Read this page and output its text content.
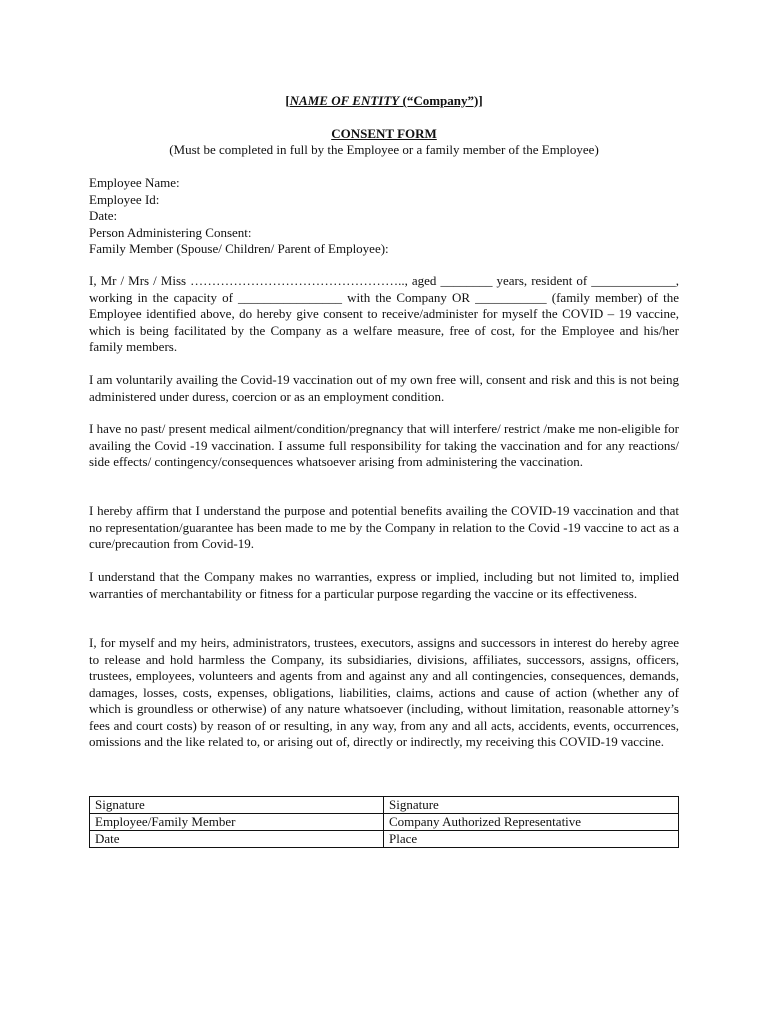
[NAME OF ENTITY (“Company”)]
CONSENT FORM
(Must be completed in full by the Employee or a family member of the Employee)
Employee Name:
Employee Id:
Date:
Person Administering Consent:
Family Member (Spouse/ Children/ Parent of Employee):

I, Mr / Mrs / Miss ………………………………………….., aged ________ years, resident of _____________, working in the capacity of ________________ with the Company OR ___________ (family member) of the Employee identified above, do hereby give consent to receive/administer for myself the COVID – 19 vaccine, which is being facilitated by the Company as a welfare measure, free of cost, for the Employee and his/her family members.

I am voluntarily availing the Covid-19 vaccination out of my own free will, consent and risk and this is not being administered under duress, coercion or as an employment condition.

I have no past/ present medical ailment/condition/pregnancy that will interfere/ restrict /make me non-eligible for availing the Covid -19 vaccination. I assume full responsibility for taking the vaccination and for any reactions/ side effects/ contingency/consequences whatsoever arising from administering the vaccination.

I hereby affirm that I understand the purpose and potential benefits availing the COVID-19 vaccination and that no representation/guarantee has been made to me by the Company in relation to the Covid -19 vaccine to act as a cure/precaution from Covid-19.

I understand that the Company makes no warranties, express or implied, including but not limited to, implied warranties of merchantability or fitness for a particular purpose regarding the vaccine or its effectiveness.

I, for myself and my heirs, administrators, trustees, executors, assigns and successors in interest do hereby agree to release and hold harmless the Company, its subsidiaries, divisions, affiliates, successors, assigns, officers, trustees, employees, volunteers and agents from and against any and all contingencies, consequences, demands, damages, losses, costs, expenses, obligations, liabilities, claims, actions and cause of action (whether any of which is groundless or otherwise) of any nature whatsoever (including, without limitation, reasonable attorney’s fees and court costs) by reason of or resulting, in any way, from any and all acts, accidents, events, occurrences, omissions and the like related to, or arising out of, directly or indirectly, my receiving this COVID-19 vaccine.

Signature	Signature
Employee/Family Member	Company Authorized Representative
Date	Place
